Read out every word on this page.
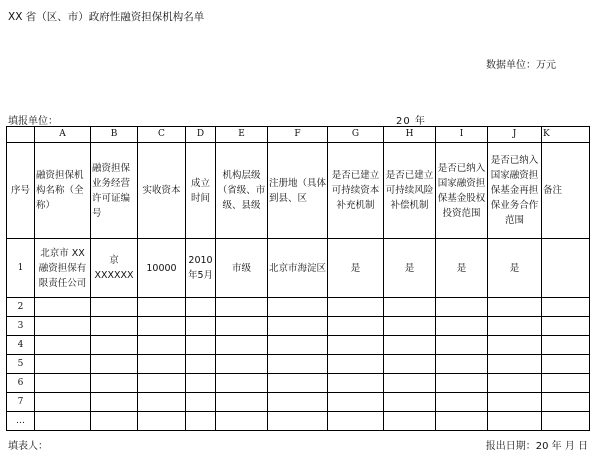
XX 省（区、市）政府性融资担保机构名单
数据单位：万元
填报单位：	20 年
	A	B	C	D	E	F	G	H	I	J	K
序号	融资担保机构名称（全称）	融资担保业务经营许可证编号	实收资本	成立时间	机构层级（省级、市级、县级	注册地（具体到县、区	是否已建立可持续资本补充机制	是否已建立可持续风险补偿机制	是否已纳入国家融资担保基金股权投资范围	是否已纳入国家融资担保基金再担保业务合作范围	备注
1	北京市 XX 融资担保有限责任公司	京 XXXXXX	10000	2010年5月	市级	北京市海淀区	是	是	是	是	
2											
3											
4											
5											
6											
7											
…											
填表人：	报出日期：20 年 月 日
